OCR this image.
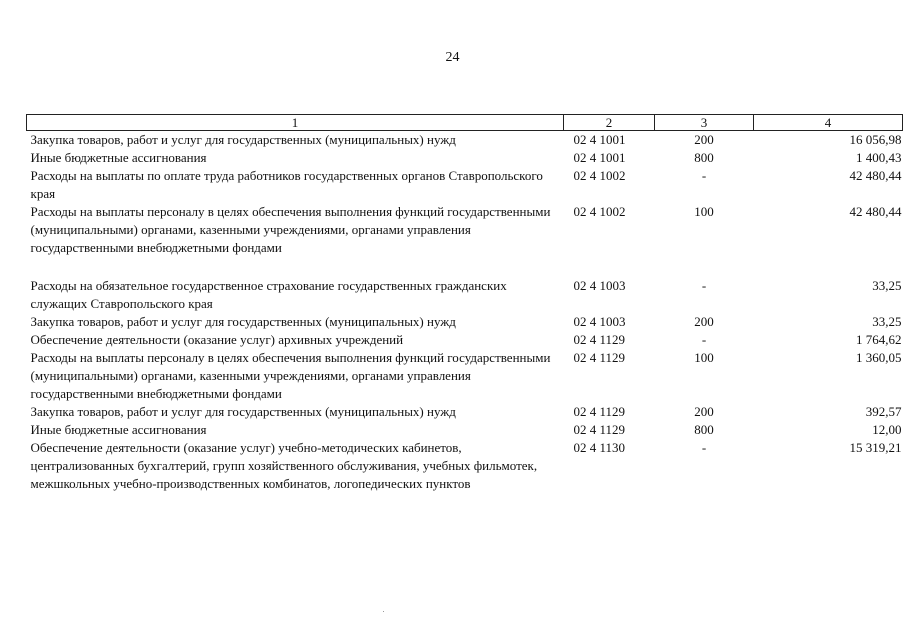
24
1	2	3	4
Закупка товаров, работ и услуг для государственных (муниципальных) нужд	02 4 1001	200	16 056,98
Иные бюджетные ассигнования	02 4 1001	800	1 400,43
Расходы на выплаты по оплате труда работников государственных органов Ставропольского края	02 4 1002	-	42 480,44
Расходы на выплаты персоналу в целях обеспечения выполнения функций государственными (муниципальными) органами, казенными учреждениями, органами управления государственными внебюджетными фондами	02 4 1002	100	42 480,44

Расходы на обязательное государственное страхование государственных гражданских служащих Ставропольского края	02 4 1003	-	33,25
Закупка товаров, работ и услуг для государственных (муниципальных) нужд	02 4 1003	200	33,25
Обеспечение деятельности (оказание услуг) архивных учреждений	02 4 1129	-	1 764,62
Расходы на выплаты персоналу в целях обеспечения выполнения функций государственными (муниципальными) органами, казенными учреждениями, органами управления государственными внебюджетными фондами	02 4 1129	100	1 360,05
Закупка товаров, работ и услуг для государственных (муниципальных) нужд	02 4 1129	200	392,57
Иные бюджетные ассигнования	02 4 1129	800	12,00
Обеспечение деятельности (оказание услуг) учебно-методических кабинетов, централизованных бухгалтерий, групп хозяйственного обслуживания, учебных фильмотек, межшкольных учебно-производственных комбинатов, логопедических пунктов	02 4 1130	-	15 319,21
